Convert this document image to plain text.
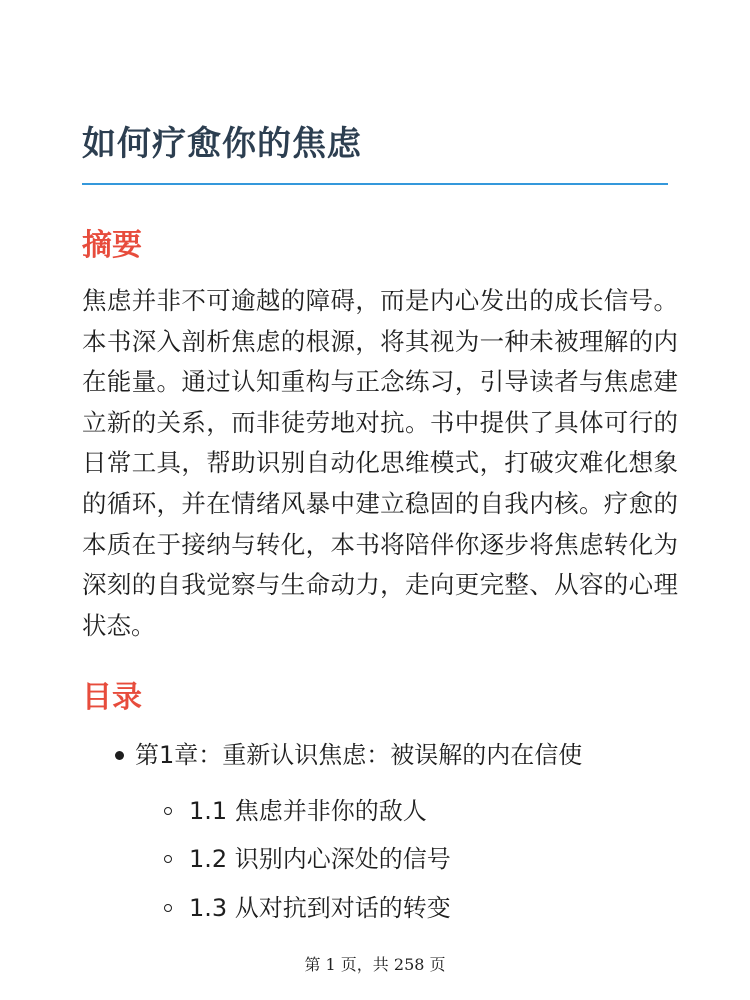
如何疗愈你的焦虑
摘要

焦虑并非不可逾越的障碍，而是内心发出的成长信号。本书深入剖析焦虑的根源，将其视为一种未被理解的内在能量。通过认知重构与正念练习，引导读者与焦虑建立新的关系，而非徒劳地对抗。书中提供了具体可行的日常工具，帮助识别自动化思维模式，打破灾难化想象的循环，并在情绪风暴中建立稳固的自我内核。疗愈的本质在于接纳与转化，本书将陪伴你逐步将焦虑转化为深刻的自我觉察与生命动力，走向更完整、从容的心理状态。

目录
第1章：重新认识焦虑：被误解的内在信使
1.1 焦虑并非你的敌人
1.2 识别内心深处的信号
1.3 从对抗到对话的转变
第 1 页，共 258 页
